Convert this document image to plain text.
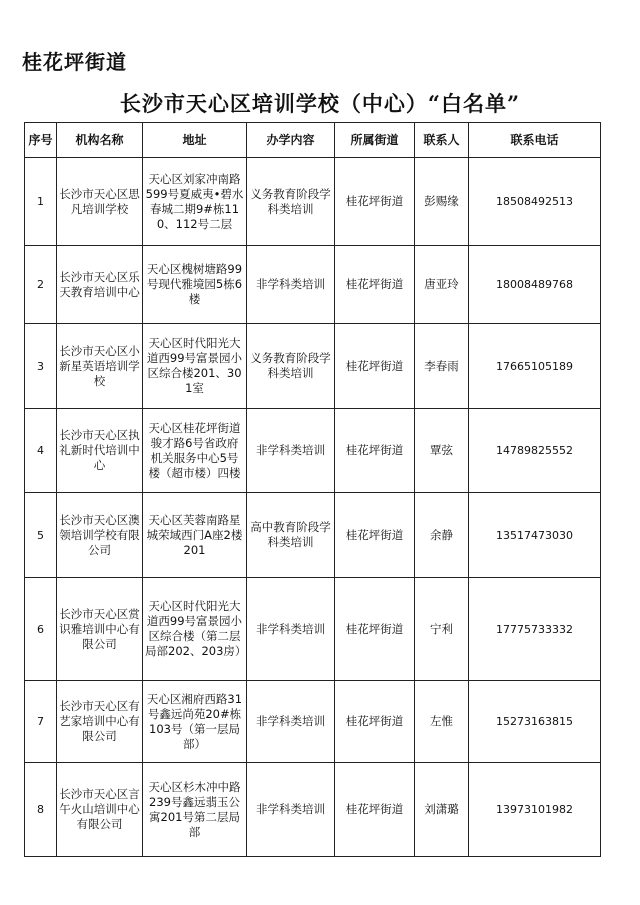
桂花坪街道
长沙市天心区培训学校（中心）“白名单”
序号	机构名称	地址	办学内容	所属街道	联系人	联系电话
1	长沙市天心区思凡培训学校	天心区刘家冲南路599号夏威夷•碧水春城二期9#栋110、112号二层	义务教育阶段学科类培训	桂花坪街道	彭赐缘	18508492513
2	长沙市天心区乐天教育培训中心	天心区槐树塘路99号现代雅境园5栋6楼	非学科类培训	桂花坪街道	唐亚玲	18008489768
3	长沙市天心区小新星英语培训学校	天心区时代阳光大道西99号富景园小区综合楼201、301室	义务教育阶段学科类培训	桂花坪街道	李春雨	17665105189
4	长沙市天心区执礼新时代培训中心	天心区桂花坪街道骏才路6号省政府机关服务中心5号楼（超市楼）四楼	非学科类培训	桂花坪街道	覃弦	14789825552
5	长沙市天心区澳领培训学校有限公司	天心区芙蓉南路星城荣域西门A座2楼201	高中教育阶段学科类培训	桂花坪街道	余静	13517473030
6	长沙市天心区赏识雅培训中心有限公司	天心区时代阳光大道西99号富景园小区综合楼（第二层局部202、203房）	非学科类培训	桂花坪街道	宁利	17775733332
7	长沙市天心区有艺家培训中心有限公司	天心区湘府西路31号鑫远尚苑20#栋103号（第一层局部）	非学科类培训	桂花坪街道	左惟	15273163815
8	长沙市天心区言午火山培训中心有限公司	天心区杉木冲中路239号鑫远翡玉公寓201号第二层局部	非学科类培训	桂花坪街道	刘潇璐	13973101982
